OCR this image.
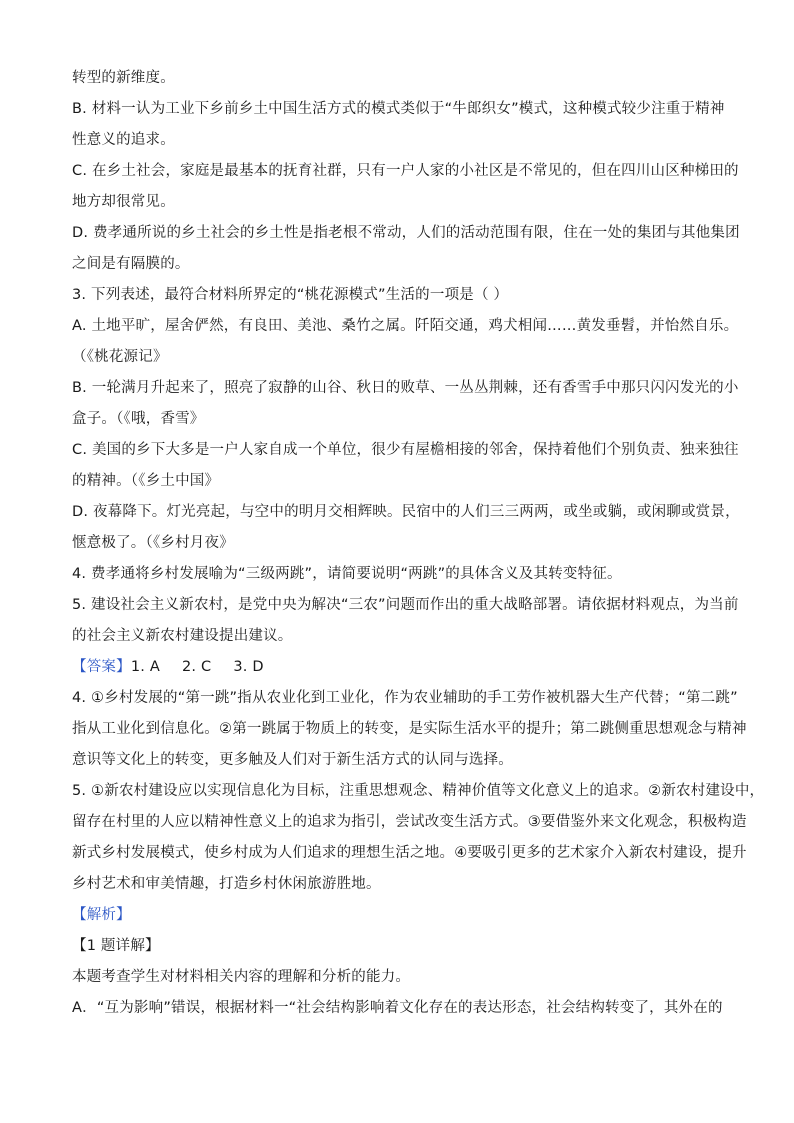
转型的新维度。
B. 材料一认为工业下乡前乡土中国生活方式的模式类似于“牛郎织女”模式，这种模式较少注重于精神
性意义的追求。
C. 在乡土社会，家庭是最基本的抚育社群，只有一户人家的小社区是不常见的，但在四川山区种梯田的
地方却很常见。
D. 费孝通所说的乡土社会的乡土性是指老根不常动，人们的活动范围有限，住在一处的集团与其他集团
之间是有隔膜的。
3. 下列表述，最符合材料所界定的“桃花源模式”生活的一项是（ ）
A. 土地平旷，屋舍俨然，有良田、美池、桑竹之属。阡陌交通，鸡犬相闻……黄发垂髫，并怡然自乐。
（《桃花源记》
B. 一轮满月升起来了，照亮了寂静的山谷、秋日的败草、一丛丛荆棘，还有香雪手中那只闪闪发光的小
盒子。（《哦，香雪》
C. 美国的乡下大多是一户人家自成一个单位，很少有屋檐相接的邻舍，保持着他们个别负责、独来独往
的精神。（《乡土中国》
D. 夜幕降下。灯光亮起，与空中的明月交相辉映。民宿中的人们三三两两，或坐或躺，或闲聊或赏景，
惬意极了。（《乡村月夜》
4. 费孝通将乡村发展喻为“三级两跳”，请简要说明“两跳”的具体含义及其转变特征。
5. 建设社会主义新农村，是党中央为解决“三农”问题而作出的重大战略部署。请依据材料观点，为当前
的社会主义新农村建设提出建议。
【答案】1. A 2. C 3. D
4. ①乡村发展的“第一跳”指从农业化到工业化，作为农业辅助的手工劳作被机器大生产代替；“第二跳”
指从工业化到信息化。②第一跳属于物质上的转变，是实际生活水平的提升；第二跳侧重思想观念与精神
意识等文化上的转变，更多触及人们对于新生活方式的认同与选择。
5. ①新农村建设应以实现信息化为目标，注重思想观念、精神价值等文化意义上的追求。②新农村建设中，
留存在村里的人应以精神性意义上的追求为指引，尝试改变生活方式。③要借鉴外来文化观念，积极构造
新式乡村发展模式，使乡村成为人们追求的理想生活之地。④要吸引更多的艺术家介入新农村建设，提升
乡村艺术和审美情趣，打造乡村休闲旅游胜地。
【解析】
【1 题详解】
本题考查学生对材料相关内容的理解和分析的能力。
A．“互为影响”错误，根据材料一“社会结构影响着文化存在的表达形态，社会结构转变了，其外在的
